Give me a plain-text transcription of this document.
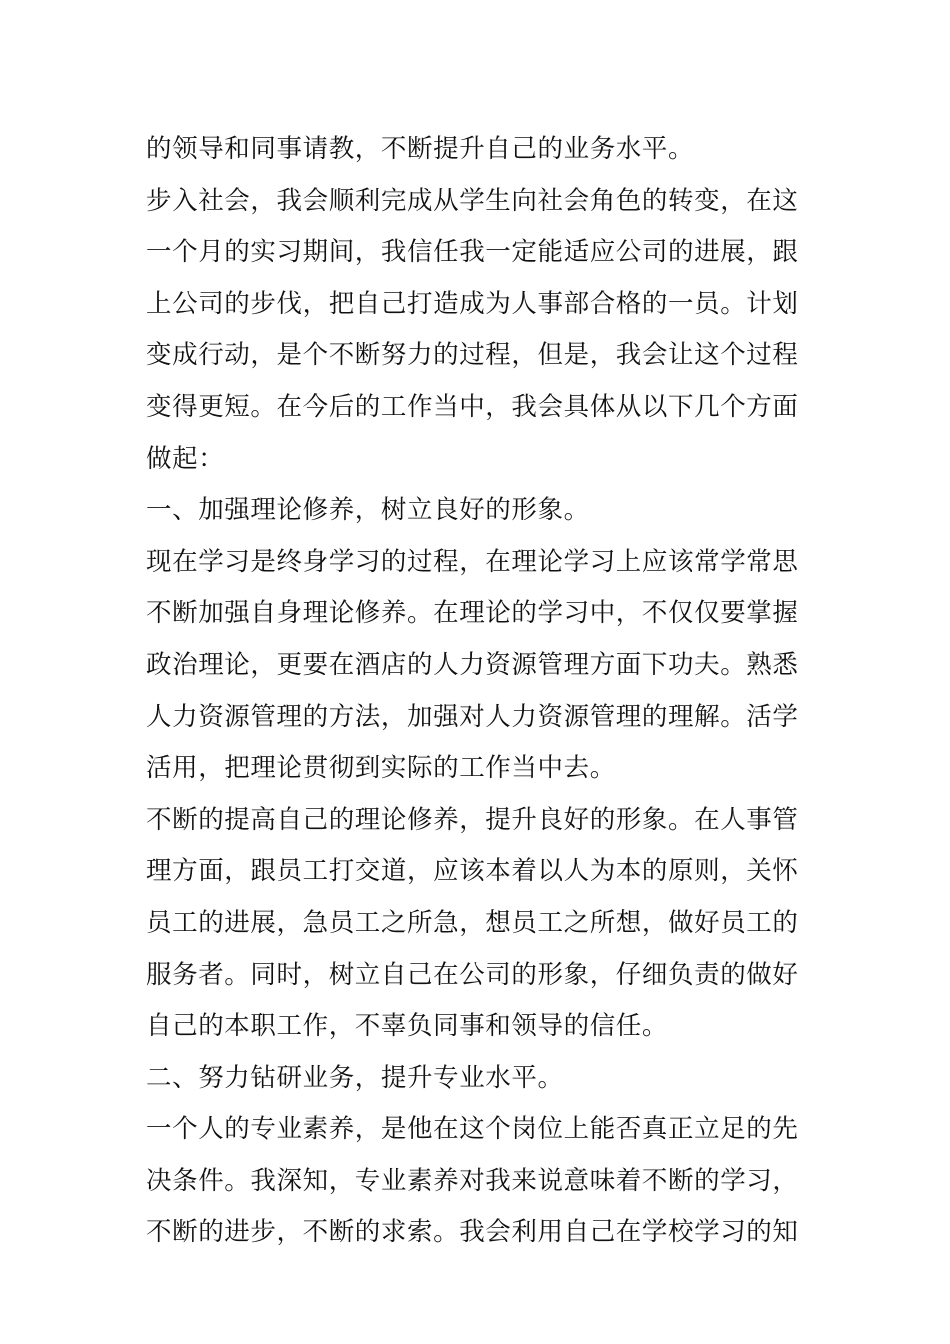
的领导和同事请教，不断提升自己的业务水平。
步入社会，我会顺利完成从学生向社会角色的转变，在这
一个月的实习期间，我信任我一定能适应公司的进展，跟
上公司的步伐，把自己打造成为人事部合格的一员。计划
变成行动，是个不断努力的过程，但是，我会让这个过程
变得更短。在今后的工作当中，我会具体从以下几个方面
做起：
一、加强理论修养，树立良好的形象。
现在学习是终身学习的过程，在理论学习上应该常学常思
不断加强自身理论修养。在理论的学习中，不仅仅要掌握
政治理论，更要在酒店的人力资源管理方面下功夫。熟悉
人力资源管理的方法，加强对人力资源管理的理解。活学
活用，把理论贯彻到实际的工作当中去。
不断的提高自己的理论修养，提升良好的形象。在人事管
理方面，跟员工打交道，应该本着以人为本的原则，关怀
员工的进展，急员工之所急，想员工之所想，做好员工的
服务者。同时，树立自己在公司的形象，仔细负责的做好
自己的本职工作，不辜负同事和领导的信任。
二、努力钻研业务，提升专业水平。
一个人的专业素养，是他在这个岗位上能否真正立足的先
决条件。我深知，专业素养对我来说意味着不断的学习，
不断的进步，不断的求索。我会利用自己在学校学习的知
